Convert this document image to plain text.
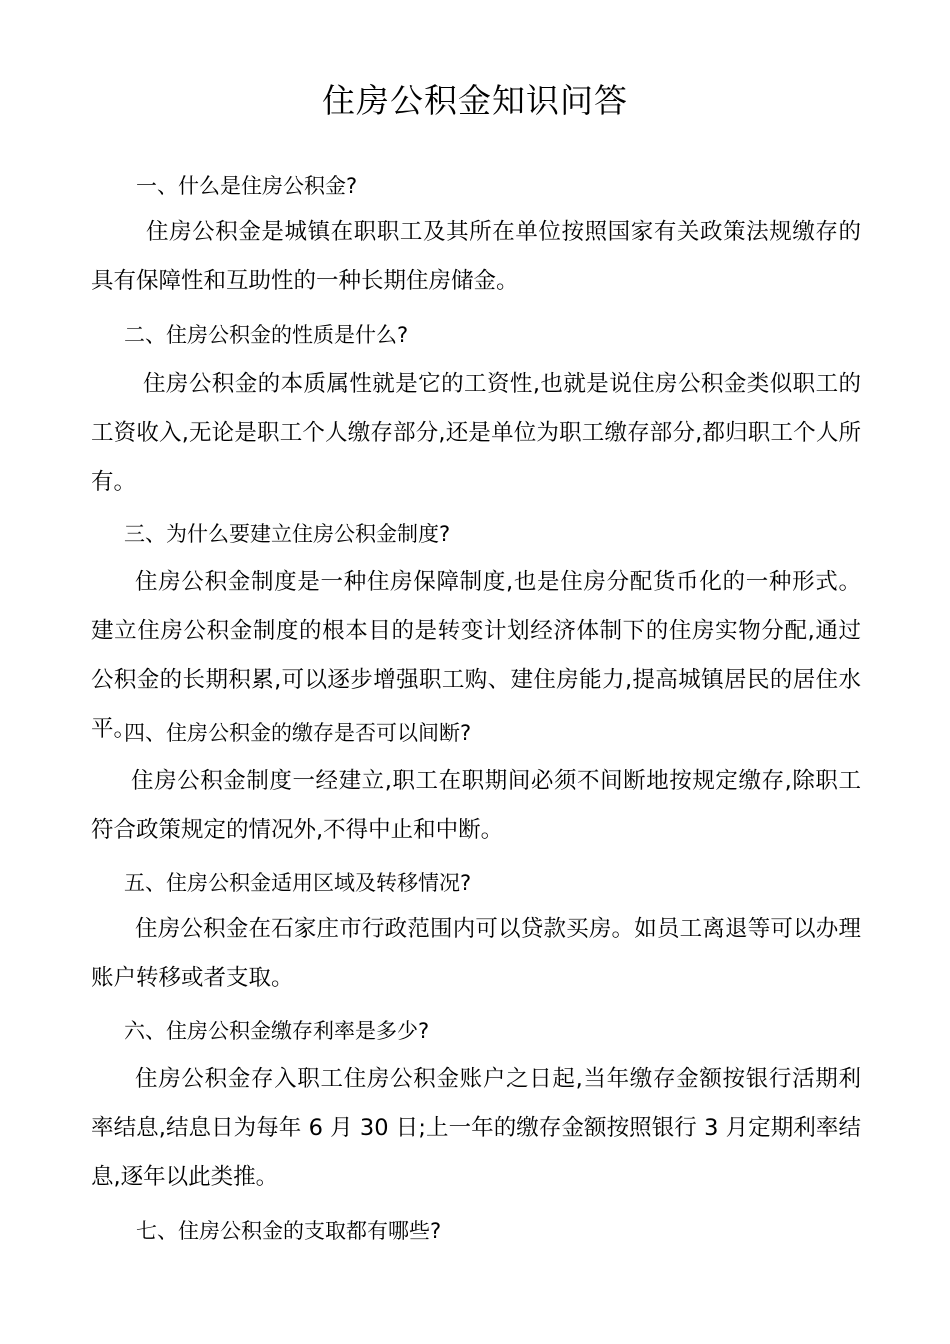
住房公积金知识问答
一、什么是住房公积金?
住房公积金是城镇在职职工及其所在单位按照国家有关政策法规缴存的具有保障性和互助性的一种长期住房储金。
二、住房公积金的性质是什么?
住房公积金的本质属性就是它的工资性,也就是说住房公积金类似职工的工资收入,无论是职工个人缴存部分,还是单位为职工缴存部分,都归职工个人所有。
三、为什么要建立住房公积金制度?
住房公积金制度是一种住房保障制度,也是住房分配货币化的一种形式。建立住房公积金制度的根本目的是转变计划经济体制下的住房实物分配,通过公积金的长期积累,可以逐步增强职工购、建住房能力,提高城镇居民的居住水平。
四、住房公积金的缴存是否可以间断?
住房公积金制度一经建立,职工在职期间必须不间断地按规定缴存,除职工符合政策规定的情况外,不得中止和中断。
五、住房公积金适用区域及转移情况?
住房公积金在石家庄市行政范围内可以贷款买房。如员工离退等可以办理账户转移或者支取。
六、住房公积金缴存利率是多少?
住房公积金存入职工住房公积金账户之日起,当年缴存金额按银行活期利率结息,结息日为每年 6 月 30 日;上一年的缴存金额按照银行 3 月定期利率结息,逐年以此类推。
七、住房公积金的支取都有哪些?
